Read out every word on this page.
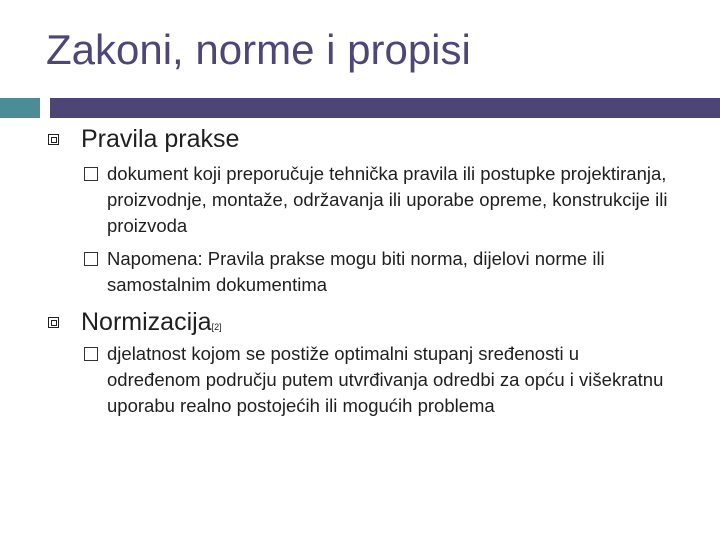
Zakoni, norme i propisi
Pravila prakse
dokument koji preporučuje tehnička pravila ili postupke projektiranja, proizvodnje, montaže, održavanja ili uporabe opreme, konstrukcije ili proizvoda
Napomena: Pravila prakse mogu biti norma, dijelovi norme ili samostalnim dokumentima
Normizacija[2]
djelatnost kojom se postiže optimalni stupanj sređenosti u određenom području putem utvrđivanja odredbi za opću i višekratnu uporabu realno postojećih ili mogućih problema
